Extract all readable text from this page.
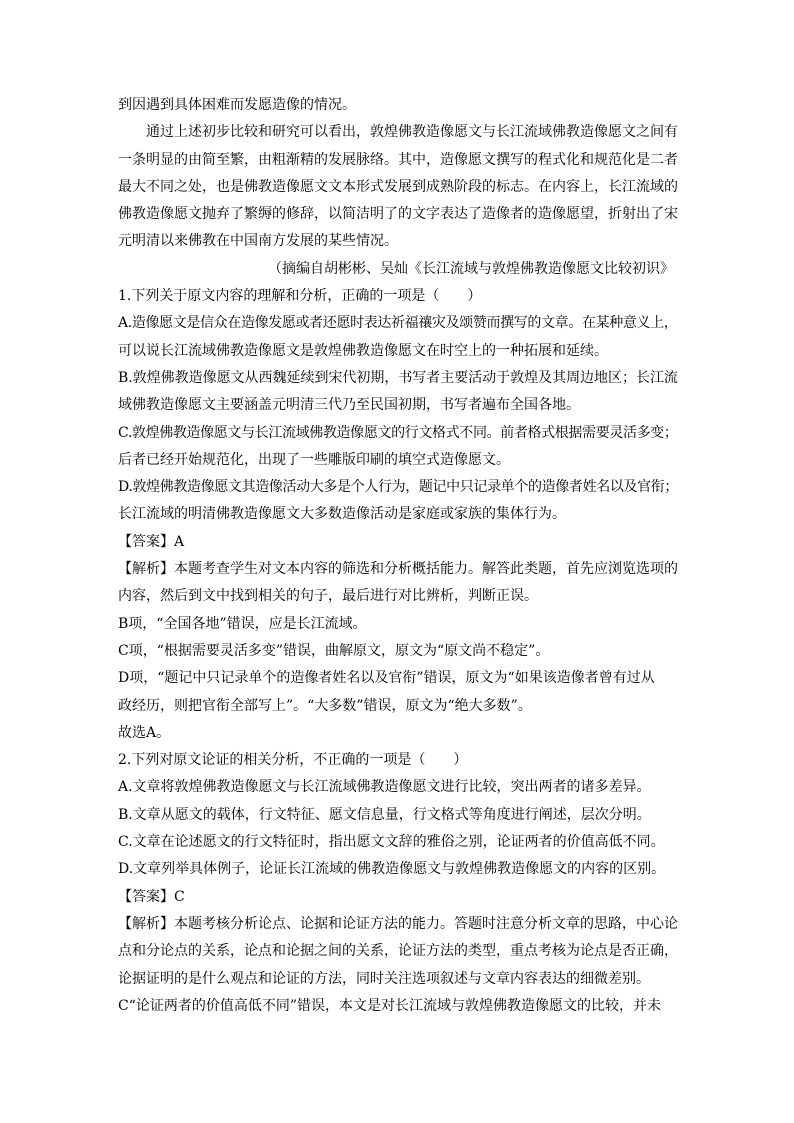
到因遇到具体困难而发愿造像的情况。
通过上述初步比较和研究可以看出，敦煌佛教造像愿文与长江流域佛教造像愿文之间有
一条明显的由简至繁，由粗渐精的发展脉络。其中，造像愿文撰写的程式化和规范化是二者
最大不同之处，也是佛教造像愿文文本形式发展到成熟阶段的标志。在内容上，长江流域的
佛教造像愿文抛弃了繁缛的修辞，以简洁明了的文字表达了造像者的造像愿望，折射出了宋
元明清以来佛教在中国南方发展的某些情况。
（摘编自胡彬彬、吴灿《长江流域与敦煌佛教造像愿文比较初识》
1.下列关于原文内容的理解和分析，正确的一项是（　　）
A.造像愿文是信众在造像发愿或者还愿时表达祈福禳灾及颂赞而撰写的文章。在某种意义上，
可以说长江流域佛教造像愿文是敦煌佛教造像愿文在时空上的一种拓展和延续。
B.敦煌佛教造像愿文从西魏延续到宋代初期，书写者主要活动于敦煌及其周边地区；长江流
域佛教造像愿文主要涵盖元明清三代乃至民国初期，书写者遍布全国各地。
C.敦煌佛教造像愿文与长江流域佛教造像愿文的行文格式不同。前者格式根据需要灵活多变；
后者已经开始规范化，出现了一些雕版印刷的填空式造像愿文。
D.敦煌佛教造像愿文其造像活动大多是个人行为，题记中只记录单个的造像者姓名以及官衔；
长江流域的明清佛教造像愿文大多数造像活动是家庭或家族的集体行为。
【答案】A
【解析】本题考查学生对文本内容的筛选和分析概括能力。解答此类题，首先应浏览选项的
内容，然后到文中找到相关的句子，最后进行对比辨析，判断正误。
B项，“全国各地”错误，应是长江流域。
C项，“根据需要灵活多变”错误，曲解原文，原文为“原文尚不稳定”。
D项，“题记中只记录单个的造像者姓名以及官衔”错误，原文为“如果该造像者曾有过从
政经历，则把官衔全部写上”。“大多数”错误，原文为“绝大多数”。
故选A。
2.下列对原文论证的相关分析，不正确的一项是（　　）
A.文章将敦煌佛教造像愿文与长江流域佛教造像愿文进行比较，突出两者的诸多差异。
B.文章从愿文的载体，行文特征、愿文信息量，行文格式等角度进行阐述，层次分明。
C.文章在论述愿文的行文特征时，指出愿文文辞的雅俗之别，论证两者的价值高低不同。
D.文章列举具体例子，论证长江流域的佛教造像愿文与敦煌佛教造像愿文的内容的区别。
【答案】C
【解析】本题考核分析论点、论据和论证方法的能力。答题时注意分析文章的思路，中心论
点和分论点的关系，论点和论据之间的关系，论证方法的类型，重点考核为论点是否正确，
论据证明的是什么观点和论证的方法，同时关注选项叙述与文章内容表达的细微差别。
C“论证两者的价值高低不同”错误，本文是对长江流域与敦煌佛教造像愿文的比较，并未
